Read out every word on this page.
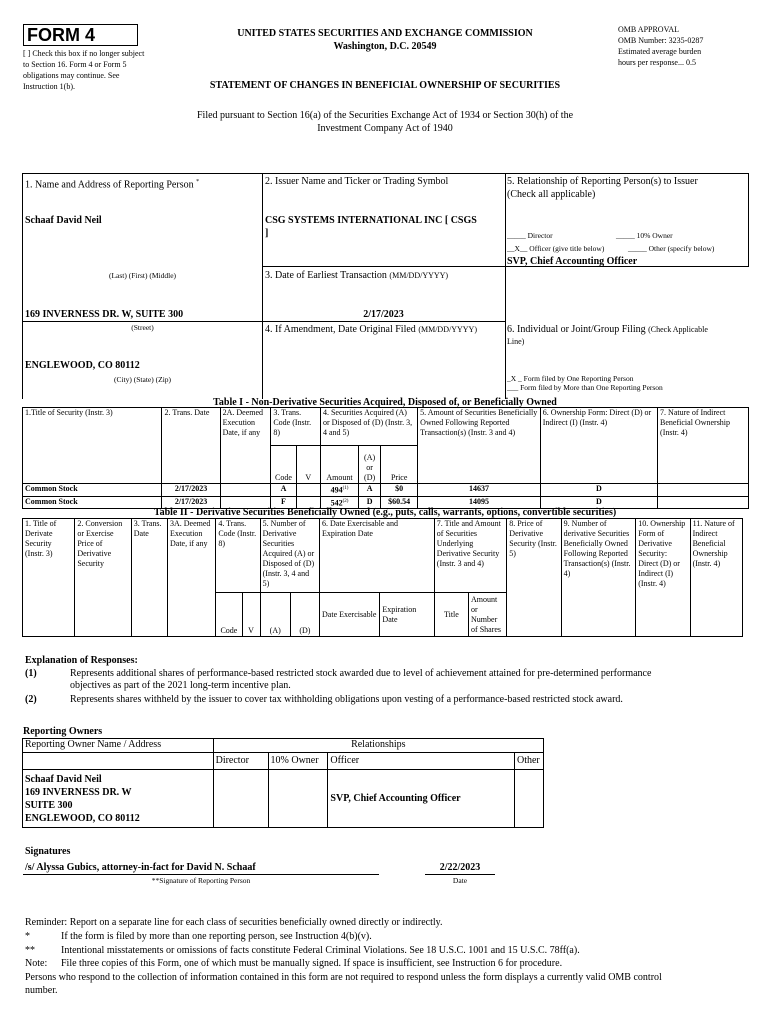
FORM 4
[ ] Check this box if no longer subject to Section 16. Form 4 or Form 5 obligations may continue. See Instruction 1(b).
UNITED STATES SECURITIES AND EXCHANGE COMMISSION
Washington, D.C. 20549
STATEMENT OF CHANGES IN BENEFICIAL OWNERSHIP OF SECURITIES
OMB APPROVAL
OMB Number: 3235-0287
Estimated average burden
hours per response... 0.5
Filed pursuant to Section 16(a) of the Securities Exchange Act of 1934 or Section 30(h) of the
Investment Company Act of 1940
1. Name and Address of Reporting Person *
Schaaf David Neil
(Last) (First) (Middle)
169 INVERNESS DR. W, SUITE 300
(Street)
ENGLEWOOD, CO 80112
(City) (State) (Zip)
2. Issuer Name and Ticker or Trading Symbol
CSG SYSTEMS INTERNATIONAL INC [ CSGS
]
3. Date of Earliest Transaction (MM/DD/YYYY)
2/17/2023
4. If Amendment, Date Original Filed (MM/DD/YYYY)
5. Relationship of Reporting Person(s) to Issuer
(Check all applicable)
_____ Director	_____ 10% Owner
__X__ Officer (give title below)	_____ Other (specify below)
SVP, Chief Accounting Officer
6. Individual or Joint/Group Filing (Check Applicable
Line)
_X _ Form filed by One Reporting Person
___ Form filed by More than One Reporting Person
Table I - Non-Derivative Securities Acquired, Disposed of, or Beneficially Owned
1.Title of Security (Instr. 3)	2. Trans. Date	2A. Deemed Execution Date, if any	3. Trans. Code (Instr. 8)		4. Securities Acquired (A) or Disposed of (D) (Instr. 3, 4 and 5)			5. Amount of Securities Beneficially Owned Following Reported Transaction(s) (Instr. 3 and 4)	6. Ownership Form: Direct (D) or Indirect (I) (Instr. 4)	7. Nature of Indirect Beneficial Ownership (Instr. 4)
			Code	V	Amount	(A) or (D)	Price			
Common Stock	2/17/2023		A		494$^{(1)}$	A	$0	14637	D	
Common Stock	2/17/2023		F		542$^{(2)}$	D	$60.54	14095	D	
Table II - Derivative Securities Beneficially Owned (e.g., puts, calls, warrants, options, convertible securities)
1. Title of Derivate Security (Instr. 3)	2. Conversion or Exercise Price of Derivative Security	3. Trans. Date	3A. Deemed Execution Date, if any	4. Trans. Code (Instr. 8)		5. Number of Derivative Securities Acquired (A) or Disposed of (D) (Instr. 3, 4 and 5)		6. Date Exercisable and Expiration Date		7. Title and Amount of Securities Underlying Derivative Security (Instr. 3 and 4)		8. Price of Derivative Security (Instr. 5)	9. Number of derivative Securities Beneficially Owned Following Reported Transaction(s) (Instr. 4)	10. Ownership Form of Derivative Security: Direct (D) or Indirect (I) (Instr. 4)	11. Nature of Indirect Beneficial Ownership (Instr. 4)
				Code	V	(A)	(D)	Date Exercisable	Expiration Date	Title	Amount or Number of Shares				
Explanation of Responses:
(1)	Represents additional shares of performance-based restricted stock awarded due to level of achievement attained for pre-determined performance
objectives as part of the 2021 long-term incentive plan.
(2)	Represents shares withheld by the issuer to cover tax withholding obligations upon vesting of a performance-based restricted stock award.
Reporting Owners
Reporting Owner Name / Address	Relationships			
	Director	10% Owner	Officer	Other

Schaaf David Neil
169 INVERNESS DR. W
SUITE 300
ENGLEWOOD, CO 80112			SVP, Chief Accounting Officer	
Signatures
/s/ Alyssa Gubics, attorney-in-fact for David N. Schaaf
**Signature of Reporting Person
2/22/2023
Date
Reminder: Report on a separate line for each class of securities beneficially owned directly or indirectly.
*	If the form is filed by more than one reporting person, see Instruction 4(b)(v).
**	Intentional misstatements or omissions of facts constitute Federal Criminal Violations. See 18 U.S.C. 1001 and 15 U.S.C. 78ff(a).
Note: File three copies of this Form, one of which must be manually signed. If space is insufficient, see Instruction 6 for procedure.
Persons who respond to the collection of information contained in this form are not required to respond unless the form displays a currently valid OMB control
number.
